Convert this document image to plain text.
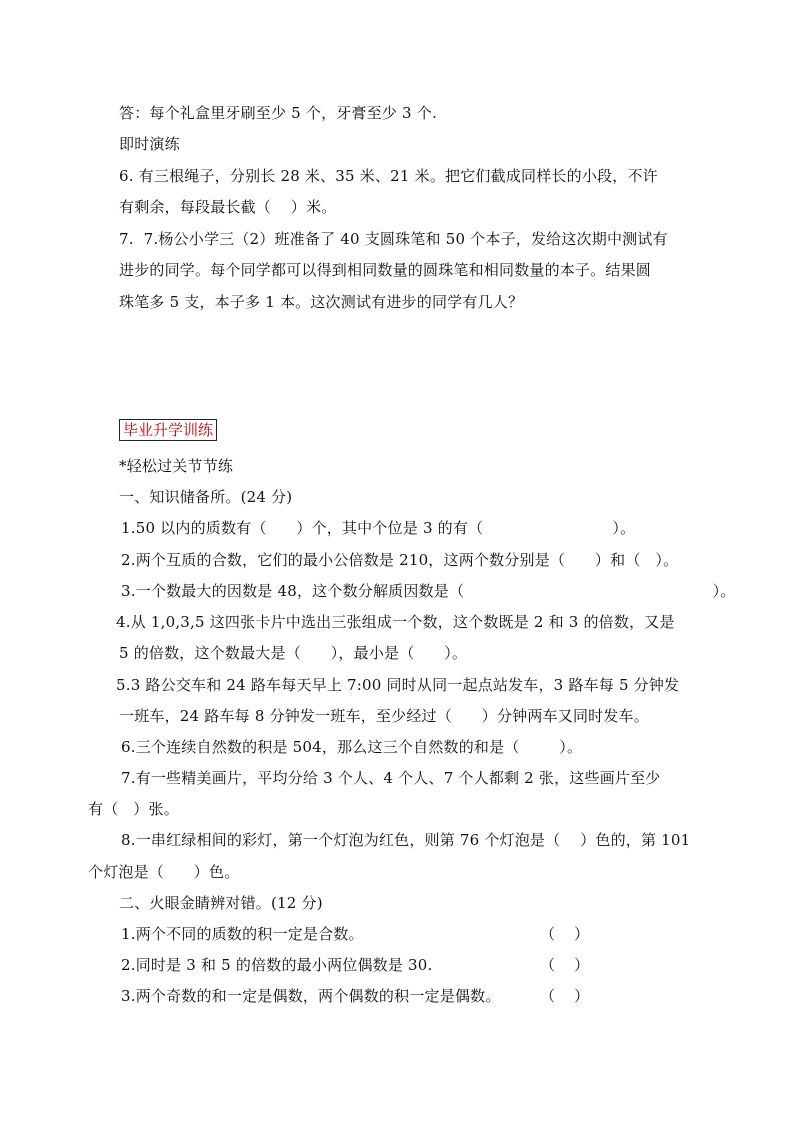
答：每个礼盒里牙刷至少 5 个，牙膏至少 3 个.
即时演练
6. 有三根绳子，分别长 28 米、35 米、21 米。把它们截成同样长的小段，不许
有剩余，每段最长截（    ）米。
7.  7.杨公小学三（2）班准备了 40 支圆珠笔和 50 个本子，发给这次期中测试有
进步的同学。每个同学都可以得到相同数量的圆珠笔和相同数量的本子。结果圆
珠笔多 5 支，本子多 1 本。这次测试有进步的同学有几人？
毕业升学训练
*轻松过关节节练
一、知识储备所。(24 分)
1.50 以内的质数有（      ）个，其中个位是 3 的有（                          ）。
2.两个互质的合数，它们的最小公倍数是 210，这两个数分别是（      ）和（   ）。
3.一个数最大的因数是 48，这个数分解质因数是（                                                  ）。
4.从 1,0,3,5 这四张卡片中选出三张组成一个数，这个数既是 2 和 3 的倍数，又是
5 的倍数，这个数最大是（      ），最小是（      ）。
5.3 路公交车和 24 路车每天早上 7:00 同时从同一起点站发车，3 路车每 5 分钟发
一班车，24 路车每 8 分钟发一班车，至少经过（      ）分钟两车又同时发车。
6.三个连续自然数的积是 504，那么这三个自然数的和是（        ）。
7.有一些精美画片，平均分给 3 个人、4 个人、7 个人都剩 2 张，这些画片至少
有（   ）张。
8.一串红绿相间的彩灯，第一个灯泡为红色，则第 76 个灯泡是（    ）色的，第 101
个灯泡是（      ）色。
二、火眼金睛辨对错。(12 分)
1.两个不同的质数的积一定是合数。	（    ）
2.同时是 3 和 5 的倍数的最小两位偶数是 30.	（    ）
3.两个奇数的和一定是偶数，两个偶数的积一定是偶数。	（    ）
